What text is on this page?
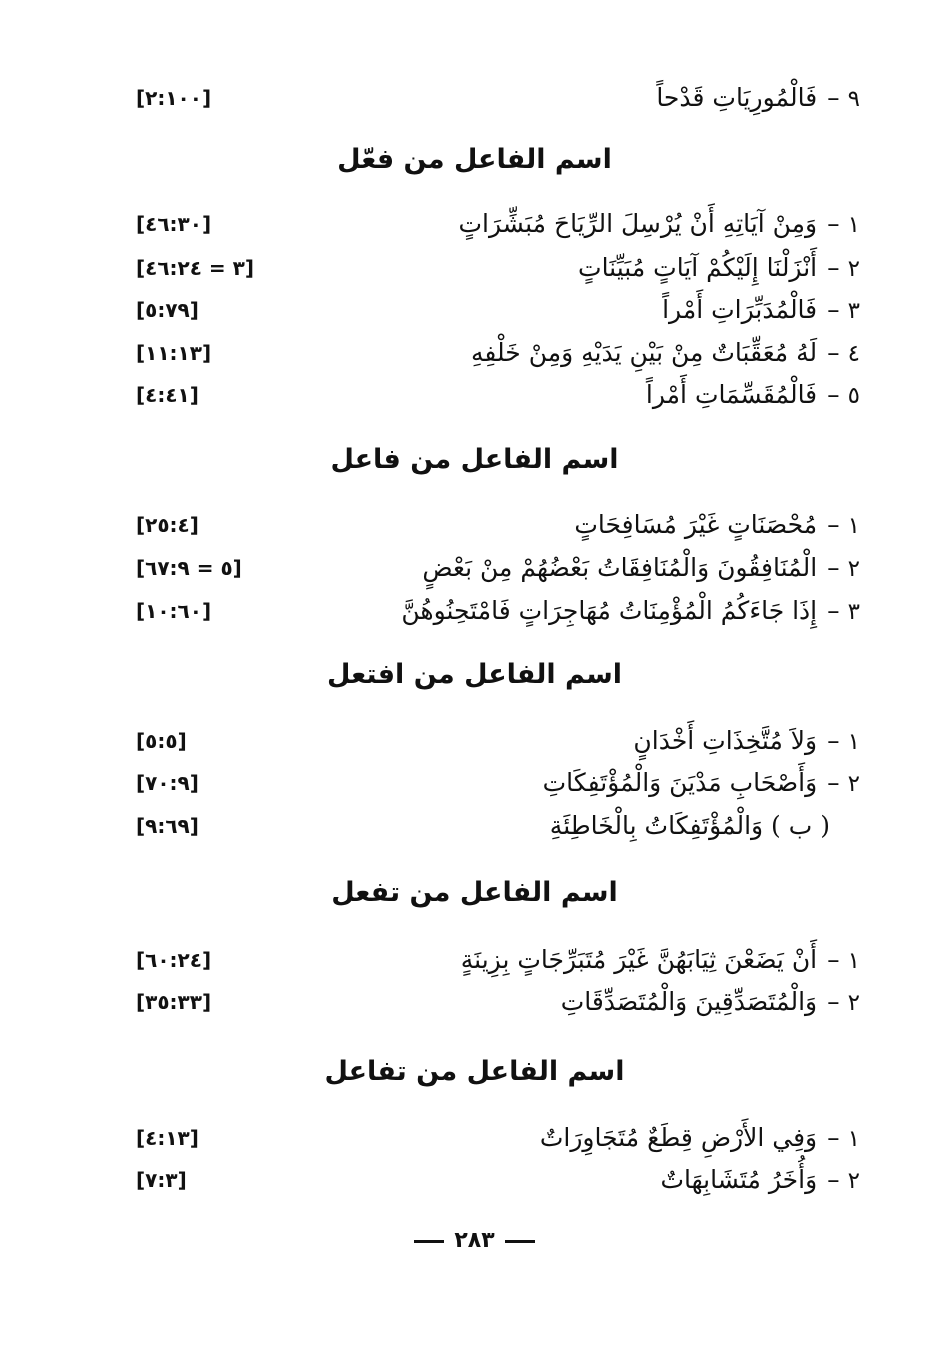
٩–فَالْمُورِيَاتِ قَدْحاً
[٢:١٠٠]
اسم الفاعل من فعّل
١–وَمِنْ آيَاتِهِ أَنْ يُرْسِلَ الرِّيَاحَ مُبَشِّرَاتٍ
[٤٦:٣٠]
٢–أَنْزَلْنَا إِلَيْكُمْ آيَاتٍ مُبَيِّنَاتٍ
[٣ = ٤٦:٢٤]
٣–فَالْمُدَبِّرَاتِ أَمْراً
[٥:٧٩]
٤–لَهُ مُعَقِّبَاتٌ مِنْ بَيْنِ يَدَيْهِ وَمِنْ خَلْفِهِ
[١١:١٣]
٥–فَالْمُقَسِّمَاتِ أَمْراً
[٤:٤١]
اسم الفاعل من فاعل
١–مُحْصَنَاتٍ غَيْرَ مُسَافِحَاتٍ
[٢٥:٤]
٢–الْمُنَافِقُونَ وَالْمُنَافِقَاتُ بَعْضُهُمْ مِنْ بَعْضٍ
[٥ = ٦٧:٩]
٣–إِذَا جَاءَكُمُ الْمُؤْمِنَاتُ مُهَاجِرَاتٍ فَامْتَحِنُوهُنَّ
[١٠:٦٠]
اسم الفاعل من افتعل
١–وَلاَ مُتَّخِذَاتِ أَخْدَانٍ
[٥:٥]
٢–وَأَصْحَابِ مَدْيَنَ وَالْمُؤْتَفِكَاتِ
[٧٠:٩]
( ب ) وَالْمُؤْتَفِكَاتُ بِالْخَاطِئَةِ
[٩:٦٩]
اسم الفاعل من تفعل
١–أَنْ يَضَعْنَ ثِيَابَهُنَّ غَيْرَ مُتَبَرِّجَاتٍ بِزِينَةٍ
[٦٠:٢٤]
٢–وَالْمُتَصَدِّقِينَ وَالْمُتَصَدِّقَاتِ
[٣٥:٣٣]
اسم الفاعل من تفاعل
١–وَفِي الأَرْضِ قِطَعٌ مُتَجَاوِرَاتٌ
[٤:١٣]
٢–وَأُخَرُ مُتَشَابِهَاتٌ
[٧:٣]
٢٨٣
